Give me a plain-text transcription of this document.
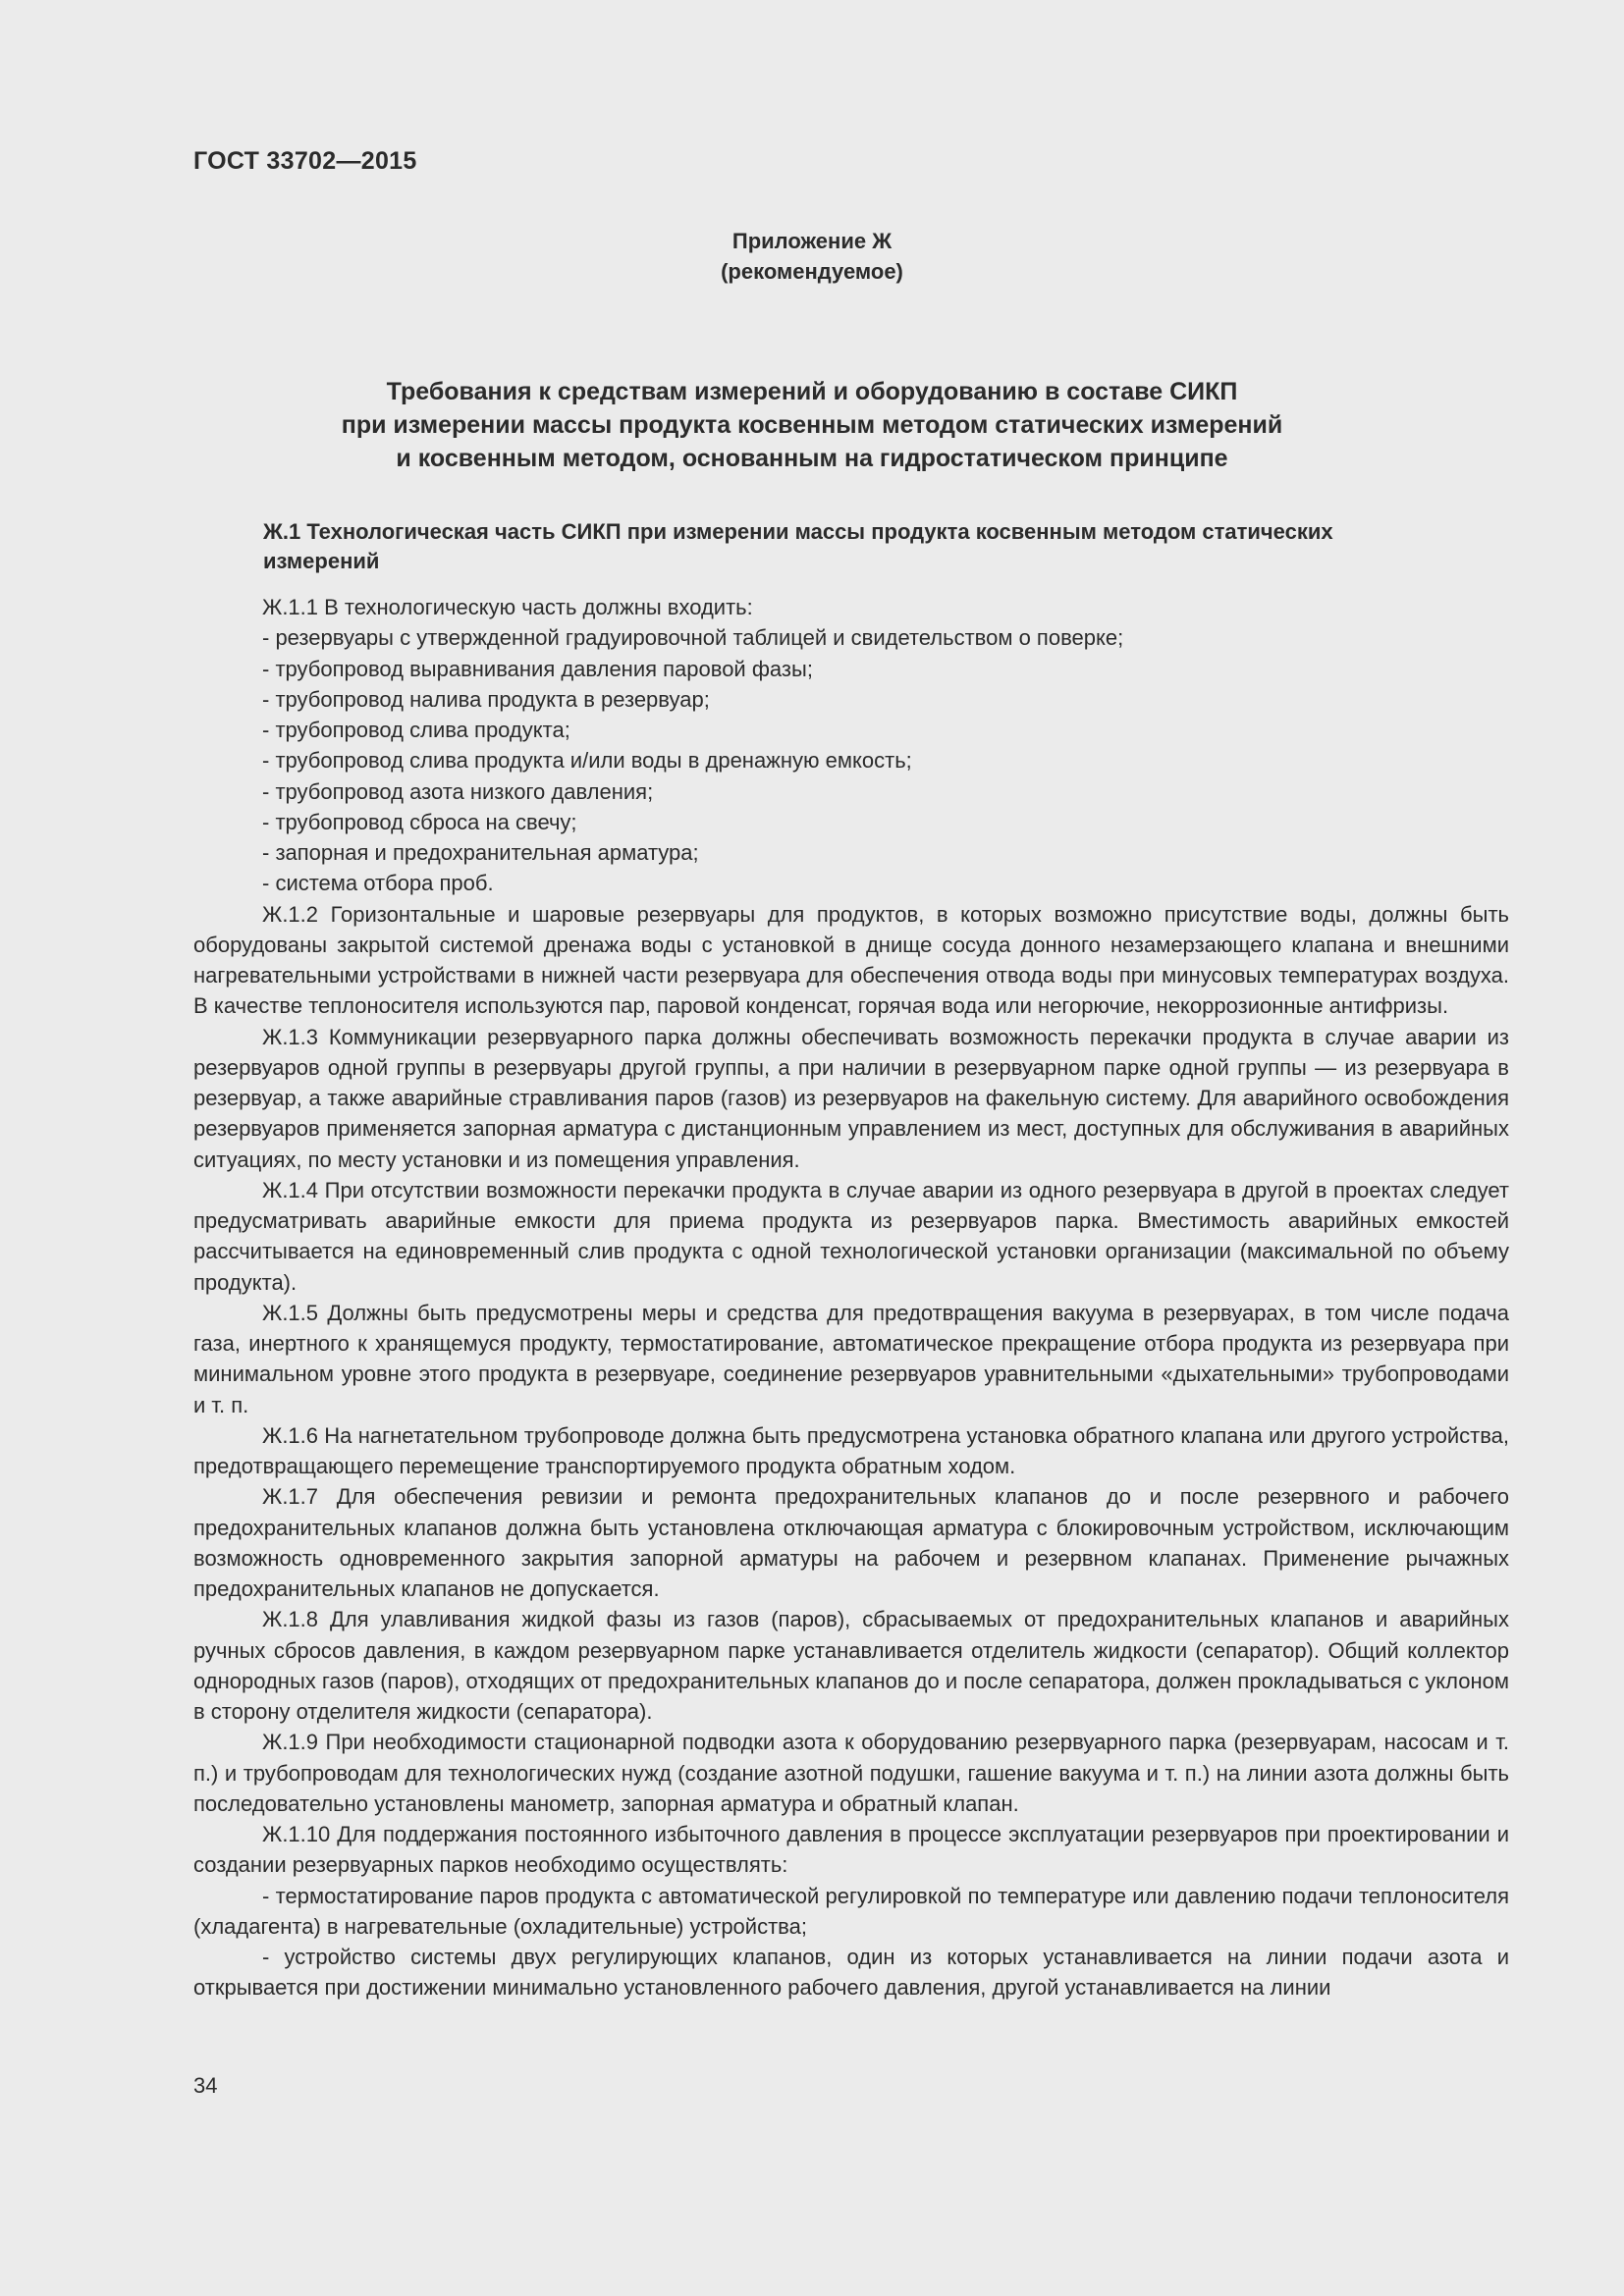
ГОСТ 33702—2015
Приложение Ж
(рекомендуемое)
Требования к средствам измерений и оборудованию в составе СИКП
при измерении массы продукта косвенным методом статических измерений
и косвенным методом, основанным на гидростатическом принципе
Ж.1 Технологическая часть СИКП при измерении массы продукта косвенным методом статических измерений
Ж.1.1 В технологическую часть должны входить:
- резервуары с утвержденной градуировочной таблицей и свидетельством о поверке;
- трубопровод выравнивания давления паровой фазы;
- трубопровод налива продукта в резервуар;
- трубопровод слива продукта;
- трубопровод слива продукта и/или воды в дренажную емкость;
- трубопровод азота низкого давления;
- трубопровод сброса на свечу;
- запорная и предохранительная арматура;
- система отбора проб.
Ж.1.2 Горизонтальные и шаровые резервуары для продуктов, в которых возможно присутствие воды, должны быть оборудованы закрытой системой дренажа воды с установкой в днище сосуда донного незамерзающего клапана и внешними нагревательными устройствами в нижней части резервуара для обеспечения отвода воды при минусовых температурах воздуха. В качестве теплоносителя используются пар, паровой конденсат, горячая вода или негорючие, некоррозионные антифризы.
Ж.1.3 Коммуникации резервуарного парка должны обеспечивать возможность перекачки продукта в случае аварии из резервуаров одной группы в резервуары другой группы, а при наличии в резервуарном парке одной группы — из резервуара в резервуар, а также аварийные стравливания паров (газов) из резервуаров на факельную систему. Для аварийного освобождения резервуаров применяется запорная арматура с дистанционным управлением из мест, доступных для обслуживания в аварийных ситуациях, по месту установки и из помещения управления.
Ж.1.4 При отсутствии возможности перекачки продукта в случае аварии из одного резервуара в другой в проектах следует предусматривать аварийные емкости для приема продукта из резервуаров парка. Вместимость аварийных емкостей рассчитывается на единовременный слив продукта с одной технологической установки организации (максимальной по объему продукта).
Ж.1.5 Должны быть предусмотрены меры и средства для предотвращения вакуума в резервуарах, в том числе подача газа, инертного к хранящемуся продукту, термостатирование, автоматическое прекращение отбора продукта из резервуара при минимальном уровне этого продукта в резервуаре, соединение резервуаров уравнительными «дыхательными» трубопроводами и т. п.
Ж.1.6 На нагнетательном трубопроводе должна быть предусмотрена установка обратного клапана или другого устройства, предотвращающего перемещение транспортируемого продукта обратным ходом.
Ж.1.7 Для обеспечения ревизии и ремонта предохранительных клапанов до и после резервного и рабочего предохранительных клапанов должна быть установлена отключающая арматура с блокировочным устройством, исключающим возможность одновременного закрытия запорной арматуры на рабочем и резервном клапанах. Применение рычажных предохранительных клапанов не допускается.
Ж.1.8 Для улавливания жидкой фазы из газов (паров), сбрасываемых от предохранительных клапанов и аварийных ручных сбросов давления, в каждом резервуарном парке устанавливается отделитель жидкости (сепаратор). Общий коллектор однородных газов (паров), отходящих от предохранительных клапанов до и после сепаратора, должен прокладываться с уклоном в сторону отделителя жидкости (сепаратора).
Ж.1.9 При необходимости стационарной подводки азота к оборудованию резервуарного парка (резервуарам, насосам и т. п.) и трубопроводам для технологических нужд (создание азотной подушки, гашение вакуума и т. п.) на линии азота должны быть последовательно установлены манометр, запорная арматура и обратный клапан.
Ж.1.10 Для поддержания постоянного избыточного давления в процессе эксплуатации резервуаров при проектировании и создании резервуарных парков необходимо осуществлять:
- термостатирование паров продукта с автоматической регулировкой по температуре или давлению подачи теплоносителя (хладагента) в нагревательные (охладительные) устройства;
- устройство системы двух регулирующих клапанов, один из которых устанавливается на линии подачи азота и открывается при достижении минимально установленного рабочего давления, другой устанавливается на линии
34
